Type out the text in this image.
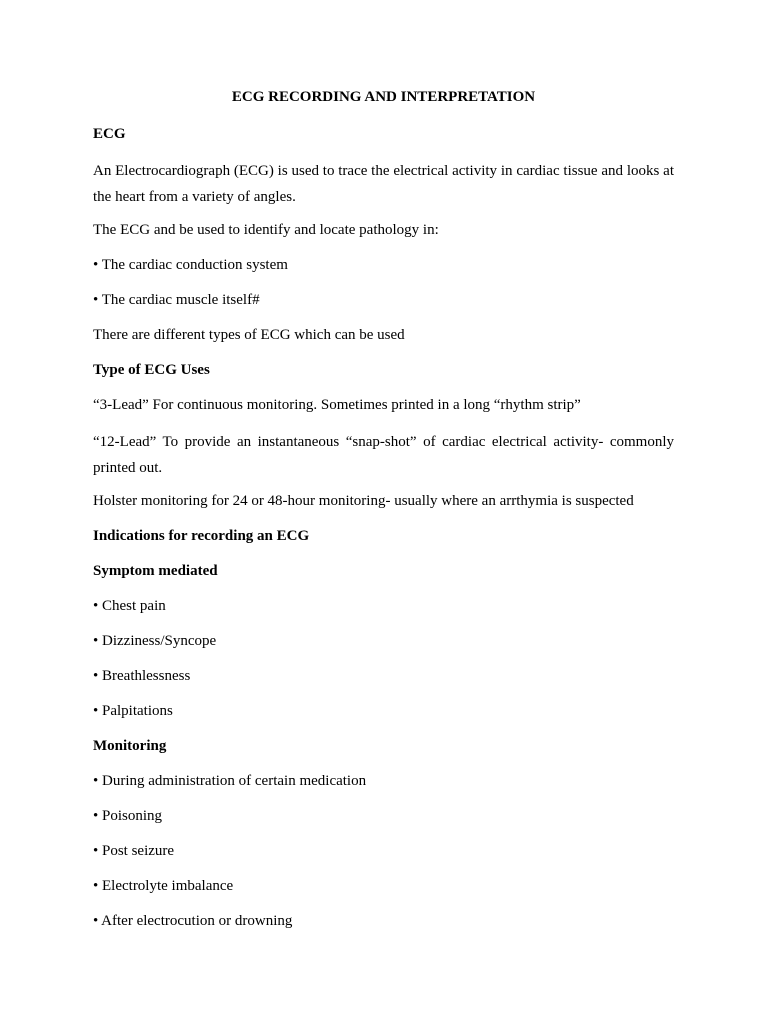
ECG RECORDING AND INTERPRETATION
ECG
An Electrocardiograph (ECG) is used to trace the electrical activity in cardiac tissue and looks at the heart from a variety of angles.
The ECG and be used to identify and locate pathology in:
• The cardiac conduction system
• The cardiac muscle itself#
There are different types of ECG which can be used
Type of ECG Uses
“3-Lead” For continuous monitoring. Sometimes printed in a long “rhythm strip”
“12-Lead” To provide an instantaneous “snap-shot” of cardiac electrical activity- commonly printed out.
Holster monitoring for 24 or 48-hour monitoring- usually where an arrthymia is suspected
Indications for recording an ECG
Symptom mediated
• Chest pain
• Dizziness/Syncope
• Breathlessness
• Palpitations
Monitoring
• During administration of certain medication
• Poisoning
• Post seizure
• Electrolyte imbalance
• After electrocution or drowning
